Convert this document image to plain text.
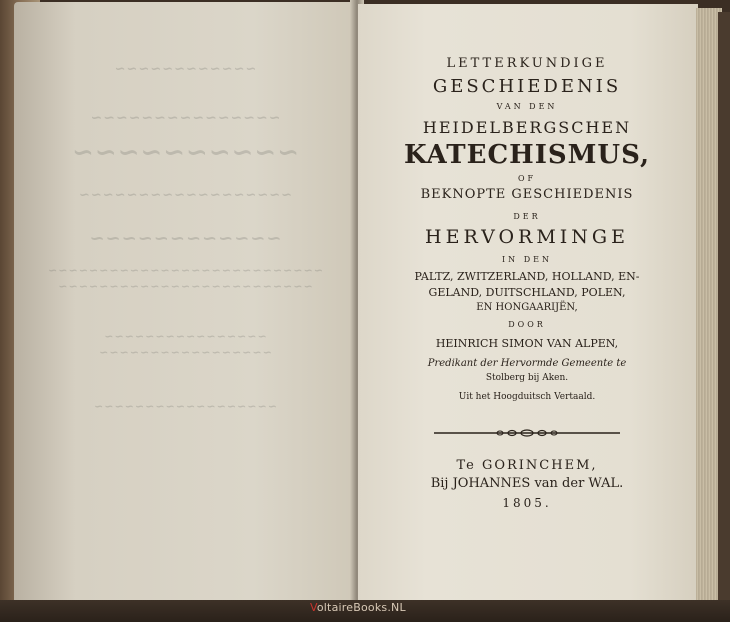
~~~~~~~~~~~~
~~~~~~~~~~~~~~~
~~~~~~~~~~
~~~~~~~~~~~~~~~~~~
~~~~~~~~~~~~
~~~~~~~~~~~~~~~~~~~~~~~~~~~
~~~~~~~~~~~~~~~~~~~~~~~~~
~~~~~~~~~~~~~~~~
~~~~~~~~~~~~~~~~~
~~~~~~~~~~~~~~~~~~
LETTERKUNDIGE
GESCHIEDENIS
VAN DEN
HEIDELBERGSCHEN
KATECHISMUS,
OF
BEKNOPTE GESCHIEDENIS
DER
HERVORMINGE
IN DEN
PALTZ, ZWITZERLAND, HOLLAND, EN-
GELAND, DUITSCHLAND, POLEN,
EN HONGAARIJËN,
DOOR
HEINRICH SIMON VAN ALPEN,
Predikant der Hervormde Gemeente te
Stolberg bij Aken.
Uit het Hoogduitsch Vertaald.
Te GORINCHEM,
Bij JOHANNES van der WAL.
1805.
VoltaireBooks.NL
